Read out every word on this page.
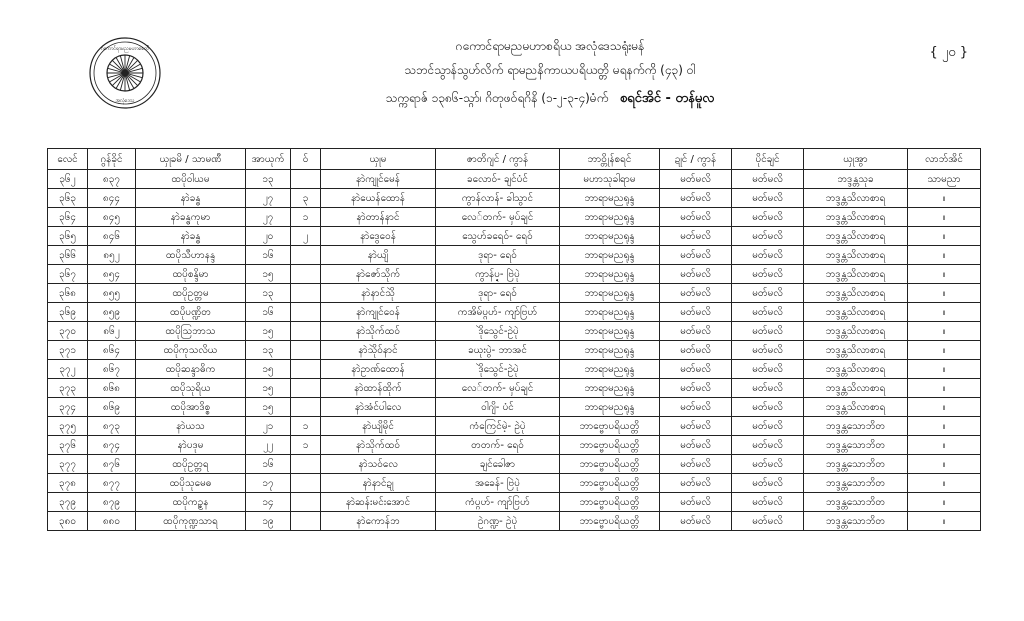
ဂကောင်ရာမညမဟာစေတီ
အလုံဒေသ
ဂကောင်ရာမညမဟာစရိယ အလုံဒေသရုံးမန်
သဘင်သွာန်သွဟ်လိက် ရာမညနိကာယပရိယတ္တိ မရနက်ကို (၄၃) ဝါ
သက္ကရာဇ် ၁၃၈၆-သ္ဂာ်၊ ဂိတုဖဝ်ရဂိနိ (၁-၂-၃-၄)မံက် စရင်အိင် - တန်မူလ
{ ၂၀ }
လေင်	ဂွန်ခိုင်	ယှုခမိ / သာမဏီ	အာယုက်	ဝ်	ယှုမ	ဇာတိဂျင် / ကွာန်	ဘာဝ္တိုန်စရင်	ဍုင် / ကွာန်	ပိုင်ချင်	ယှုအွာ	လာဘ်အိင်
၃၆၂	၈၃၇	ထပိုဝါယမ	၁၃		နာဲကျုင်မေန်	ခလောဝ်- ချင်ပံင်	မဟာသုခါရာမ	မတ်မလိ	မတ်မလိ	ဘဒ္ဒန္တသုခ	သာမညာ
၃၆၃	၈၄၄	နာဲခန္ဓ	၂၇	၃	နာဲယေန်ထောန်	ကွာန်လာန်- ခါသွာင်	ဘာရာမညရုန္ဒ	မတ်မလိ	မတ်မလိ	ဘဒ္ဒန္တသိလာစာရ	။
၃၆၄	၈၄၅	နာဲခန္ဓကုမာ	၂၇	၁	နာဲတာန်နာင်	လေ်တက်- မှပ်ချင်	ဘာရာမညရုန္ဒ	မတ်မလိ	မတ်မလိ	ဘဒ္ဒန္တသိလာစာရ	။
၃၆၅	၈၄၆	နာဲခန္ဓ	၂၀	၂	နာဲဒွေဝေန်	သွေဟ်ခရေဝ်- ရေဝ်	ဘာရာမညရုန္ဒ	မတ်မလိ	မတ်မလိ	ဘဒ္ဒန္တသိလာစာရ	။
၃၆၆	၈၅၂	ထပိုသီဟာနန္ဒ	၁၆		နာဲယျိ	ဒုရာ- ရေဝ်	ဘာရာမညရုန္ဒ	မတ်မလိ	မတ်မလိ	ဘဒ္ဒန္တသိလာစာရ	။
၃၆၇	၈၅၄	ထပိုစန္ဒိမာ	၁၅		နာဲဇော်သိုက်	ကွာန်ပ္ဍ- ဗြဲပုဲ	ဘာရာမညရုန္ဒ	မတ်မလိ	မတ်မလိ	ဘဒ္ဒန္တသိလာစာရ	။
၃၆၈	၈၅၅	ထပိုဥတ္တမ	၁၃		နာဲနာင်သိုဲ	ဒုရာ- ရေဝ်	ဘာရာမညရုန္ဒ	မတ်မလိ	မတ်မလိ	ဘဒ္ဒန္တသိလာစာရ	။
၃၆၉	၈၅၉	ထပိုပဏ္ဍိတ	၁၆		နာဲကျုင်ဝေန်	ကအိမ်ပ္ဂဟ်- ကျာ်ဗြဟ်	ဘာရာမညရုန္ဒ	မတ်မလိ	မတ်မလိ	ဘဒ္ဒန္တသိလာစာရ	။
၃၇၀	၈၆၂	ထပိုဩဘာသ	၁၅		နာဲသိုက်ထဝ်	ဒိုဲသွေင်-ဥဲပုဲ	ဘာရာမညရုန္ဒ	မတ်မလိ	မတ်မလိ	ဘဒ္ဒန္တသိလာစာရ	။
၃၇၁	၈၆၄	ထပိုကုသလိယ	၁၃		နာဲသိုဲဝ်နာင်	ခယုးပွဲ- ဘာအင်	ဘာရာမညရုန္ဒ	မတ်မလိ	မတ်မလိ	ဘဒ္ဒန္တသိလာစာရ	။
၃၇၂	၈၆၇	ထပိုဆန္ဒာဓိက	၁၅		နာဲဥာဏ်ထောန်	ဒိုဲသွေင်-ဥဲပုဲ	ဘာရာမညရုန္ဒ	မတ်မလိ	မတ်မလိ	ဘဒ္ဒန္တသိလာစာရ	။
၃၇၃	၈၆၈	ထပိုသုရိယ	၁၅		နာဲထာန်ထိုက်	လေ်တက်- မှပ်ချင်	ဘာရာမညရုန္ဒ	မတ်မလိ	မတ်မလိ	ဘဒ္ဒန္တသိလာစာရ	။
၃၇၄	၈၆၉	ထပိုအာဒိစ္စ	၁၅		နာဲအံင်ပါလေ	ဝါဂျိ- ပံင်	ဘာရာမညရုန္ဒ	မတ်မလိ	မတ်မလိ	ဘဒ္ဒန္တသိလာစာရ	။
၃၇၅	၈၇၃	နာဲယသ	၂၁	၁	နာဲယျိမိုင်	ကံကြေင်မဲ့- ဥဲပုဲ	ဘာဗ္ဗောပရိယတ္တိ	မတ်မလိ	မတ်မလိ	ဘဒ္ဒန္တသောဘိတ	။
၃၇၆	၈၇၄	နာဲပဒုမ	၂၂	၁	နာဲသိုက်ထဝ်	တတက်- ရေဝ်	ဘာဗ္ဗောပရိယတ္တိ	မတ်မလိ	မတ်မလိ	ဘဒ္ဒန္တသောဘိတ	။
၃၇၇	၈၇၆	ထပိုဥတ္တရ	၁၆		နာဲသဝ်လေ	ချင်ခေါဇာ	ဘာဗ္ဗောပရိယတ္တိ	မတ်မလိ	မတ်မလိ	ဘဒ္ဒန္တသောဘိတ	။
၃၇၈	၈၇၇	ထပိုသုမေဓ	၁၇		နာဲနာင်ဍု	အခေန်- ဗြဲပုဲ	ဘာဗ္ဗောပရိယတ္တိ	မတ်မလိ	မတ်မလိ	ဘဒ္ဒန္တသောဘိတ	။
၃၇၉	၈၇၉	ထပိုကဥ္စန	၁၄		နာဲဆန်းမင်းအောင်	ကံပ္ဂဟ်- ကျာ်ဗြဟ်	ဘာဗ္ဗောပရိယတ္တိ	မတ်မလိ	မတ်မလိ	ဘဒ္ဒန္တသောဘိတ	။
၃၈၀	၈၈၀	ထပိုကုဏ္ဍသာရ	၁၉		နာဲကောန်ဘ	ဥဲဂဏ္ဍ- ဥဲပုဲ	ဘာဗ္ဗောပရိယတ္တိ	မတ်မလိ	မတ်မလိ	ဘဒ္ဒန္တသောဘိတ	။
